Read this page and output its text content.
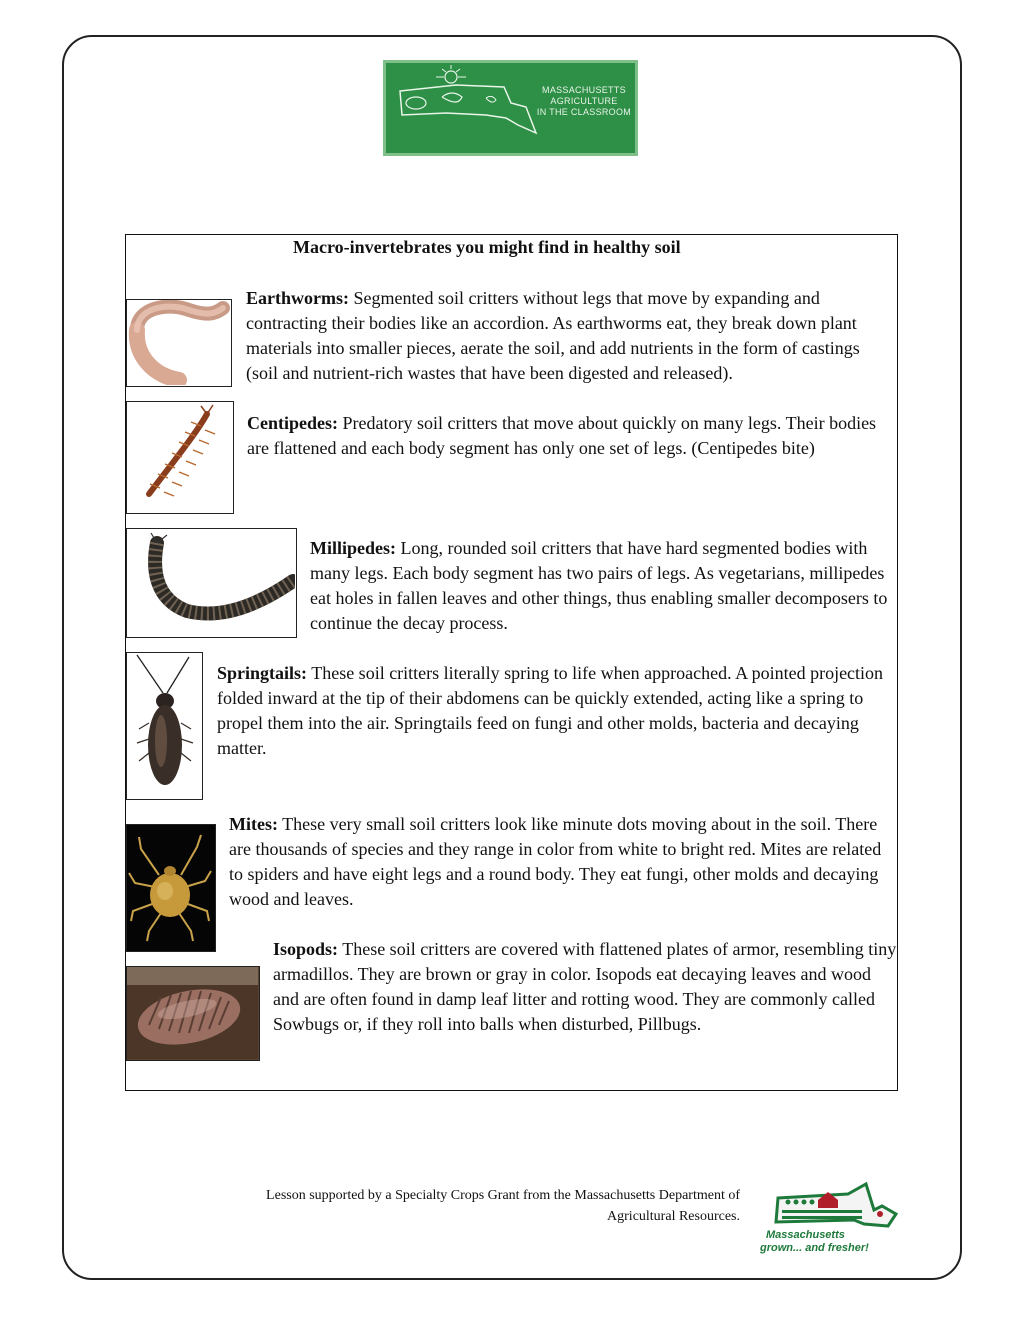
MASSACHUSETTS
AGRICULTURE
IN THE CLASSROOM
Macro-invertebrates you might find in healthy soil
Earthworms: Segmented soil critters without legs that move by expanding and contracting their bodies like an accordion. As earthworms eat, they break down plant materials into smaller pieces, aerate the soil, and add nutrients in the form of castings (soil and nutrient-rich wastes that have been digested and released).
Centipedes: Predatory soil critters that move about quickly on many legs. Their bodies are flattened and each body segment has only one set of legs. (Centipedes bite)
Millipedes: Long, rounded soil critters that have hard segmented bodies with many legs. Each body segment has two pairs of legs. As vegetarians, millipedes eat holes in fallen leaves and other things, thus enabling smaller decomposers to continue the decay process.
Springtails: These soil critters literally spring to life when approached. A pointed projection folded inward at the tip of their abdomens can be quickly extended, acting like a spring to propel them into the air. Springtails feed on fungi and other molds, bacteria and decaying matter.
Mites: These very small soil critters look like minute dots moving about in the soil. There are thousands of species and they range in color from white to bright red. Mites are related to spiders and have eight legs and a round body. They eat fungi, other molds and decaying wood and leaves.
Isopods: These soil critters are covered with flattened plates of armor, resembling tiny armadillos. They are brown or gray in color. Isopods eat decaying leaves and wood and are often found in damp leaf litter and rotting wood. They are commonly called Sowbugs or, if they roll into balls when disturbed, Pillbugs.
Lesson supported by a Specialty Crops Grant from the Massachusetts Department of
Agricultural Resources.
Massachusetts
grown... and fresher!
